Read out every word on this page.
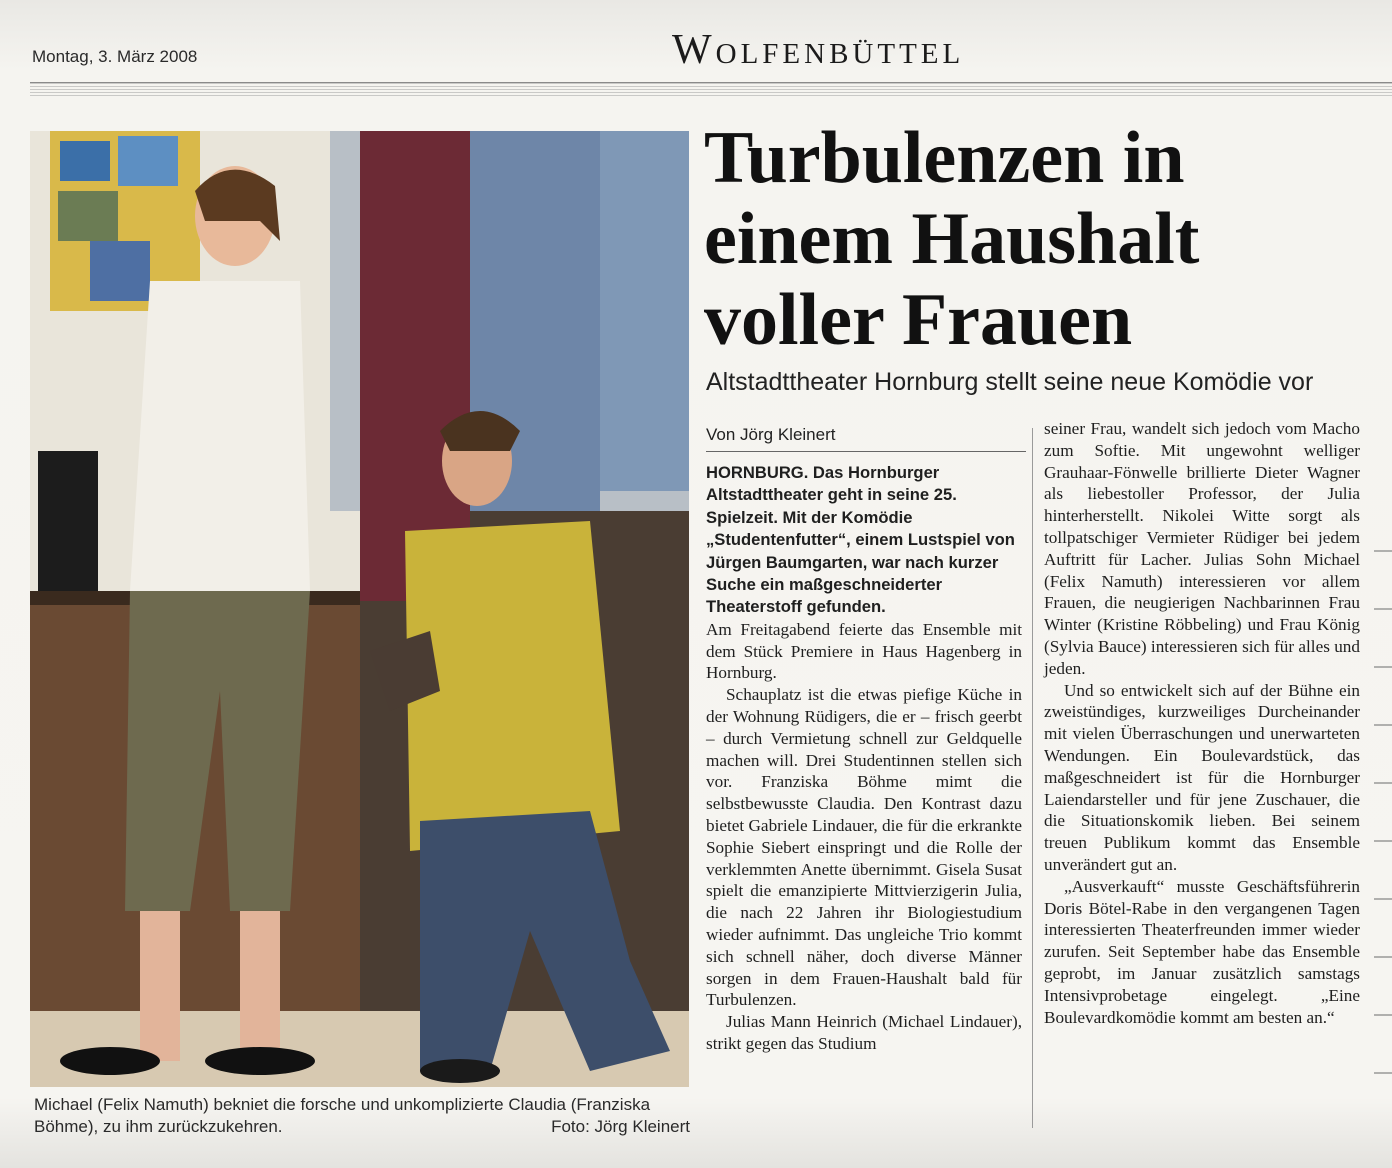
Montag, 3. März 2008	Wolfenbüttel
Michael (Felix Namuth) bekniet die forsche und unkomplizierte Claudia (Franziska Böhme), zu ihm zurückzukehren.	Foto: Jörg Kleinert
Turbulenzen in einem Haushalt voller Frauen
Altstadttheater Hornburg stellt seine neue Komödie vor
Von Jörg Kleinert

HORNBURG. Das Hornburger Altstadttheater geht in seine 25. Spielzeit. Mit der Komödie „Studentenfutter“, einem Lustspiel von Jürgen Baumgarten, war nach kurzer Suche ein maßgeschneiderter Theaterstoff gefunden.

Am Freitagabend feierte das Ensemble mit dem Stück Premiere in Haus Hagenberg in Hornburg.

Schauplatz ist die etwas piefige Küche in der Wohnung Rüdigers, die er – frisch geerbt – durch Vermietung schnell zur Geldquelle machen will. Drei Studentinnen stellen sich vor. Franziska Böhme mimt die selbstbewusste Claudia. Den Kontrast dazu bietet Gabriele Lindauer, die für die erkrankte Sophie Siebert einspringt und die Rolle der verklemmten Anette übernimmt. Gisela Susat spielt die emanzipierte Mittvierzigerin Julia, die nach 22 Jahren ihr Biologiestudium wieder aufnimmt. Das ungleiche Trio kommt sich schnell näher, doch diverse Männer sorgen in dem Frauen-Haushalt bald für Turbulenzen.

Julias Mann Heinrich (Michael Lindauer), strikt gegen das Studium

seiner Frau, wandelt sich jedoch vom Macho zum Softie. Mit ungewohnt welliger Grauhaar-Fönwelle brillierte Dieter Wagner als liebestoller Professor, der Julia hinterherstellt. Nikolei Witte sorgt als tollpatschiger Vermieter Rüdiger bei jedem Auftritt für Lacher. Julias Sohn Michael (Felix Namuth) interessieren vor allem Frauen, die neugierigen Nachbarinnen Frau Winter (Kristine Röbbeling) und Frau König (Sylvia Bauce) interessieren sich für alles und jeden.

Und so entwickelt sich auf der Bühne ein zweistündiges, kurzweiliges Durcheinander mit vielen Überraschungen und unerwarteten Wendungen. Ein Boulevardstück, das maßgeschneidert ist für die Hornburger Laiendarsteller und für jene Zuschauer, die die Situationskomik lieben. Bei seinem treuen Publikum kommt das Ensemble unverändert gut an.

„Ausverkauft“ musste Geschäftsführerin Doris Bötel-Rabe in den vergangenen Tagen interessierten Theaterfreunden immer wieder zurufen. Seit September habe das Ensemble geprobt, im Januar zusätzlich samstags Intensivprobetage eingelegt. „Eine Boulevardkomödie kommt am besten an.“
